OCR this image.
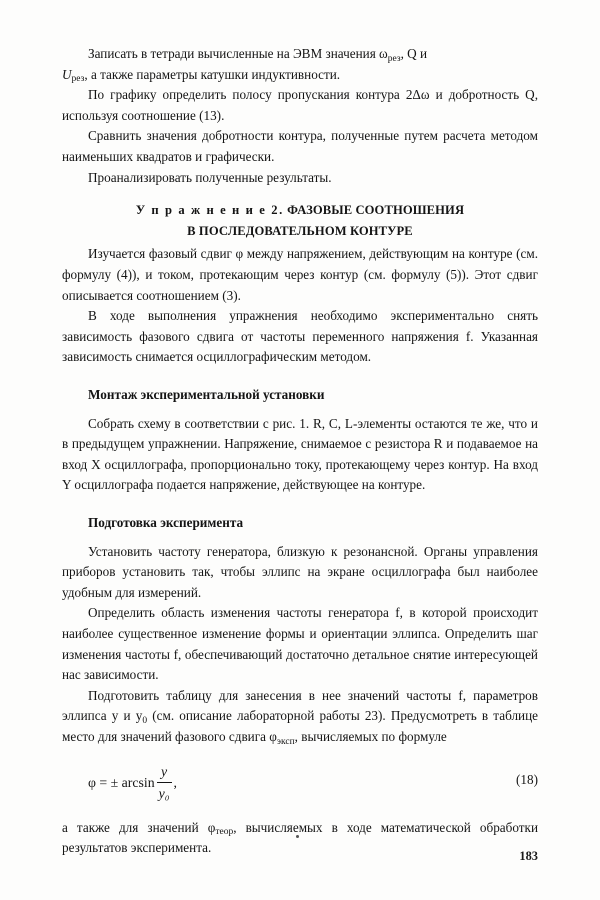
Записать в тетради вычисленные на ЭВМ значения $\omega_{рез}$, Q и
$U_{рез}$, а также параметры катушки индуктивности.

По графику определить полосу пропускания контура 2Δω и добротность Q, используя соотношение (13).

Сравнить значения добротности контура, полученные путем расчета методом наименьших квадратов и графически.

Проанализировать полученные результаты.

У п р а ж н е н и е 2. ФАЗОВЫЕ СООТНОШЕНИЯ
В ПОСЛЕДОВАТЕЛЬНОМ КОНТУРЕ

Изучается фазовый сдвиг φ между напряжением, действующим на контуре (см. формулу (4)), и током, протекающим через контур (см. формулу (5)). Этот сдвиг описывается соотношением (3).

В ходе выполнения упражнения необходимо экспериментально снять зависимость фазового сдвига от частоты переменного напряжения f. Указанная зависимость снимается осциллографическим методом.

Монтаж экспериментальной установки

Собрать схему в соответствии с рис. 1. R, C, L-элементы остаются те же, что и в предыдущем упражнении. Напряжение, снимаемое с резистора R и подаваемое на вход X осциллографа, пропорционально току, протекающему через контур. На вход Y осциллографа подается напряжение, действующее на контуре.

Подготовка эксперимента

Установить частоту генератора, близкую к резонансной. Органы управления приборов установить так, чтобы эллипс на экране осциллографа был наиболее удобным для измерений.

Определить область изменения частоты генератора f, в которой происходит наиболее существенное изменение формы и ориентации эллипса. Определить шаг изменения частоты f, обеспечивающий достаточно детальное снятие интересующей нас зависимости.

Подготовить таблицу для занесения в нее значений частоты f, параметров эллипса y и $y_0$ (см. описание лабораторной работы 23). Предусмотреть в таблице место для значений фазового сдвига $\varphi_{эксп}$, вычисляемых по формуле

φ = ± $\arcsin \frac{y}{\text{y₀}}$ ,	(18)

а также для значений $\varphi_{теор}$, вычисляемых в ходе математической обработки результатов эксперимента.

183
